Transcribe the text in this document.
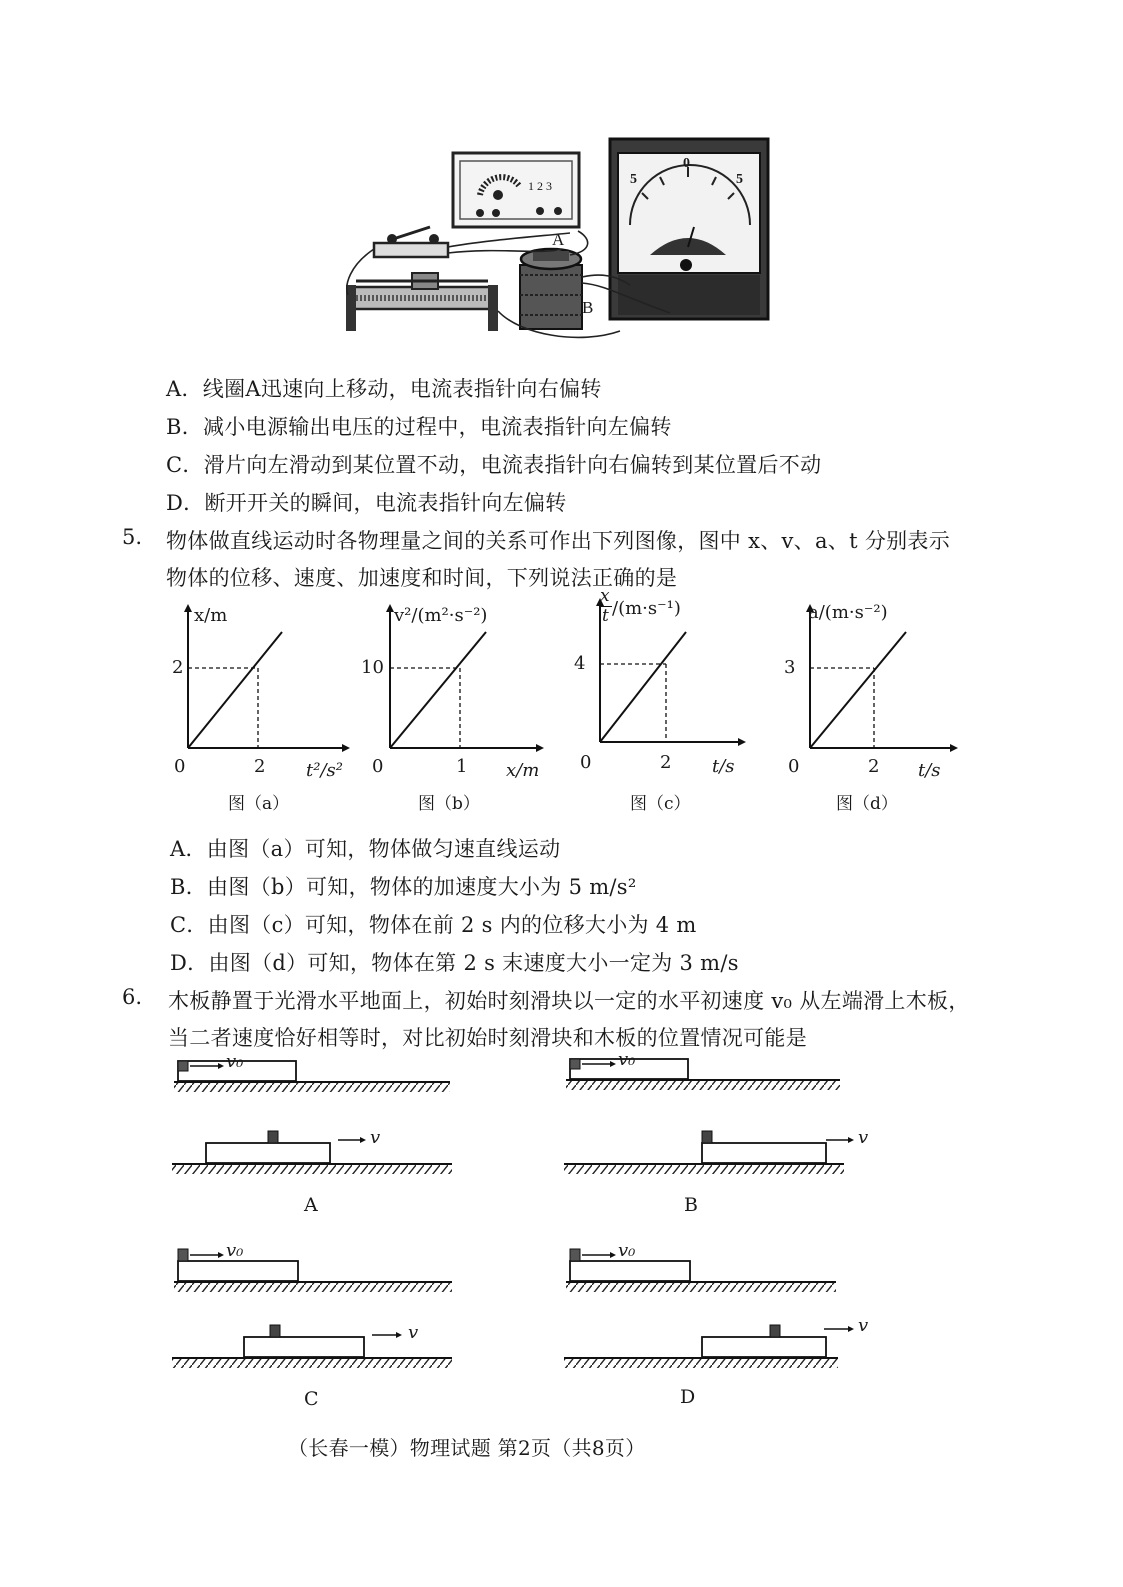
1 2 3
A
B
5
0
5
A．线圈A迅速向上移动，电流表指针向右偏转
B．减小电源输出电压的过程中，电流表指针向左偏转
C．滑片向左滑动到某位置不动，电流表指针向右偏转到某位置后不动
D．断开开关的瞬间，电流表指针向左偏转
5. 物体做直线运动时各物理量之间的关系可作出下列图像，图中 x、v、a、t 分别表示
物体的位移、速度、加速度和时间，下列说法正确的是
x/m
2
0	2 t²/s²
图（a）
v²/(m²·s⁻²)
10
0	1 x/m
图（b）
x
t /(m·s⁻¹)
4
0	2 t/s
图（c）
a/(m·s⁻²)
3
0	2 t/s
图（d）
A．由图（a）可知，物体做匀速直线运动
B．由图（b）可知，物体的加速度大小为 5 m/s²
C．由图（c）可知，物体在前 2 s 内的位移大小为 4 m
D．由图（d）可知，物体在第 2 s 末速度大小一定为 3 m/s
6. 木板静置于光滑水平地面上，初始时刻滑块以一定的水平初速度 v₀ 从左端滑上木板，
当二者速度恰好相等时，对比初始时刻滑块和木板的位置情况可能是
v₀
v
v₀
v
v₀
v
v₀
v
A	B
C	D
（长春一模）物理试题 第2页（共8页）
